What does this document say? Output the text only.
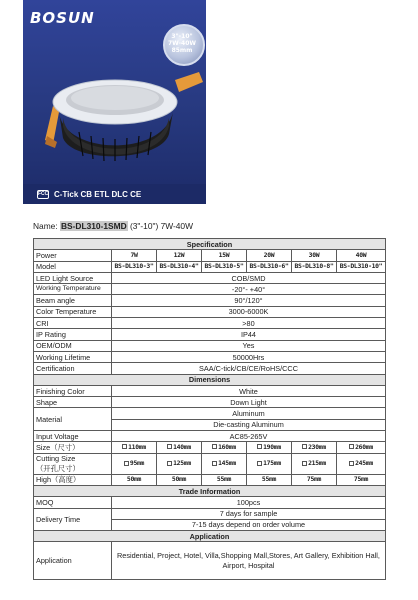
BOSUN
3"-10"
7W-40W
85mm
FCC C-Tick CB ETL DLC CE
Name: BS-DL310-1SMD (3"-10") 7W-40W
Specification						
Power	7W	12W	15W	20W	30W	40W
Model	BS-DL310-3"	BS-DL310-4"	BS-DL310-5"	BS-DL310-6"	BS-DL310-8"	BS-DL310-10"
LED Light Source	COB/SMD					
Working Temperature	-20°- +40°					
Beam angle	90°/120°					
Color Temperature	3000-6000K					
CRI	>80					
IP Rating	IP44					
OEM/ODM	Yes					
Working Lifetime	50000Hrs					
Certification	SAA/C-tick/CB/CE/RoHS/CCC					
Dimensions						
Finishing Color	White					
Shape	Down Light					
Material	Aluminum					
	Die-casting Aluminum					
Input Voltage	AC85-265V					
Size（尺寸）	110mm	140mm	160mm	190mm	230mm	260mm

Cutting Size
（开孔尺寸）	95mm	125mm	145mm	175mm	215mm	245mm
High（高度）	50mm	50mm	55mm	55mm	75mm	75mm
Trade Information						
MOQ	100pcs					
Delivery Time	7 days for sample					
	7-15 days depend on order volume					
Application						
Application	Residential, Project, Hotel, Villa,Shopping Mall,Stores, Art Gallery, Exhibition Hall, Airport, Hospital					
